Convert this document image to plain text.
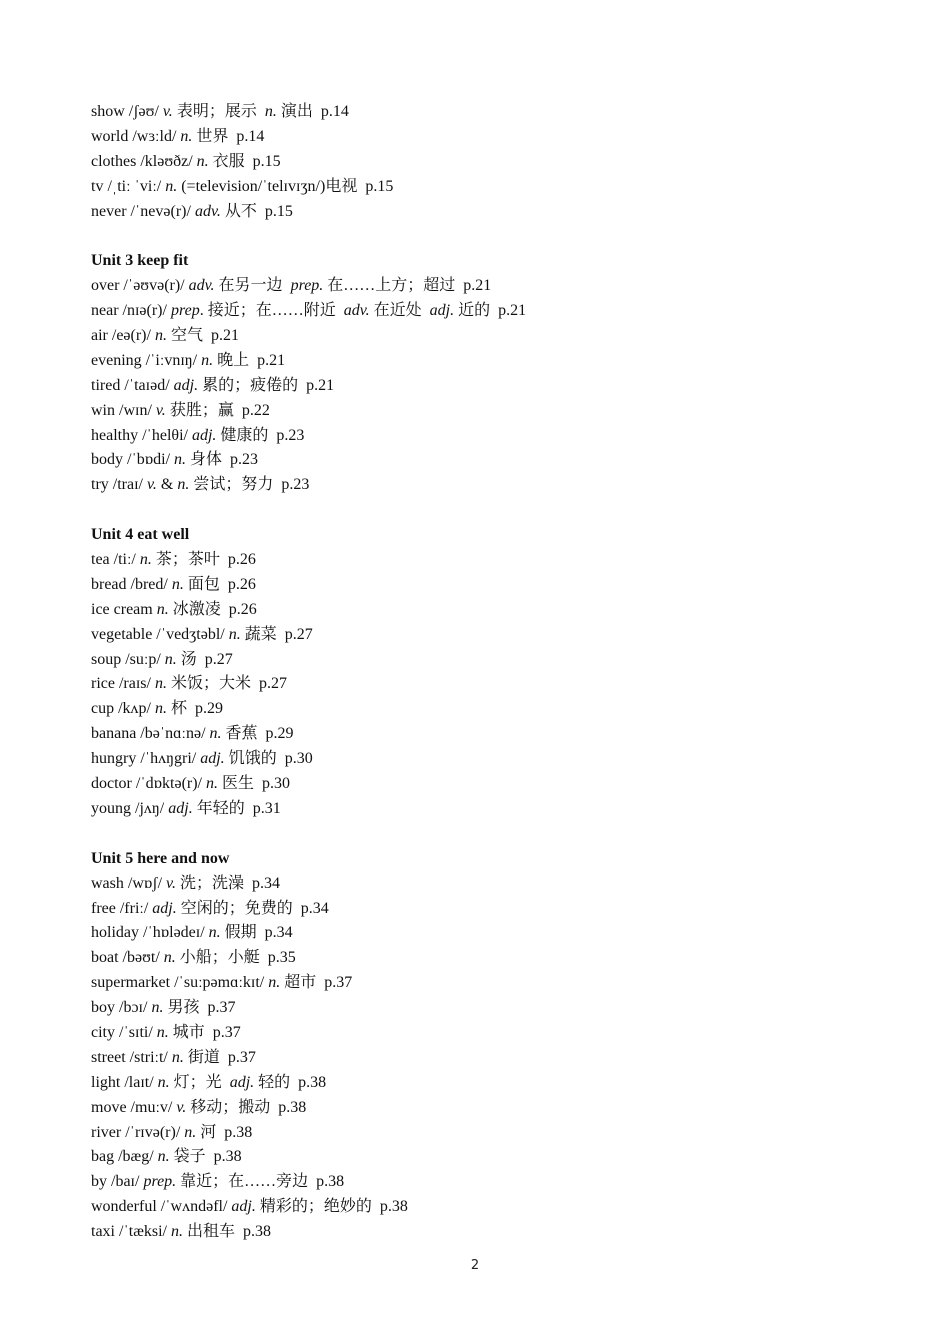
show /ʃəʊ/ v. 表明；展示  n. 演出  p.14
world /wɜːld/ n. 世界  p.14
clothes /kləʊðz/ n. 衣服  p.15
tv /ˌtiː ˈviː/ n. (=television/ˈtelɪvɪʒn/)电视  p.15
never /ˈnevə(r)/ adv. 从不  p.15
Unit 3 keep fit
over /ˈəʊvə(r)/ adv. 在另一边  prep. 在……上方；超过  p.21
near /nɪə(r)/ prep. 接近；在……附近  adv. 在近处  adj. 近的  p.21
air /eə(r)/ n. 空气  p.21
evening /ˈiːvnɪŋ/ n. 晚上  p.21
tired /ˈtaɪəd/ adj. 累的；疲倦的  p.21
win /wɪn/ v. 获胜；赢  p.22
healthy /ˈhelθi/ adj. 健康的  p.23
body /ˈbɒdi/ n. 身体  p.23
try /traɪ/ v. & n. 尝试；努力  p.23
Unit 4 eat well
tea /tiː/ n. 茶；茶叶  p.26
bread /bred/ n. 面包  p.26
ice cream n. 冰激凌  p.26
vegetable /ˈvedʒtəbl/ n. 蔬菜  p.27
soup /suːp/ n. 汤  p.27
rice /raɪs/ n. 米饭；大米  p.27
cup /kʌp/ n. 杯  p.29
banana /bəˈnɑːnə/ n. 香蕉  p.29
hungry /ˈhʌŋgri/ adj. 饥饿的  p.30
doctor /ˈdɒktə(r)/ n. 医生  p.30
young /jʌŋ/ adj. 年轻的  p.31
Unit 5 here and now
wash /wɒʃ/ v. 洗；洗澡  p.34
free /friː/ adj. 空闲的；免费的  p.34
holiday /ˈhɒlədeɪ/ n. 假期  p.34
boat /bəʊt/ n. 小船；小艇  p.35
supermarket /ˈsuːpəmɑːkɪt/ n. 超市  p.37
boy /bɔɪ/ n. 男孩  p.37
city /ˈsɪti/ n. 城市  p.37
street /striːt/ n. 街道  p.37
light /laɪt/ n. 灯；光  adj. 轻的  p.38
move /muːv/ v. 移动；搬动  p.38
river /ˈrɪvə(r)/ n. 河  p.38
bag /bæg/ n. 袋子  p.38
by /baɪ/ prep. 靠近；在……旁边  p.38
wonderful /ˈwʌndəfl/ adj. 精彩的；绝妙的  p.38
taxi /ˈtæksi/ n. 出租车  p.38
2
